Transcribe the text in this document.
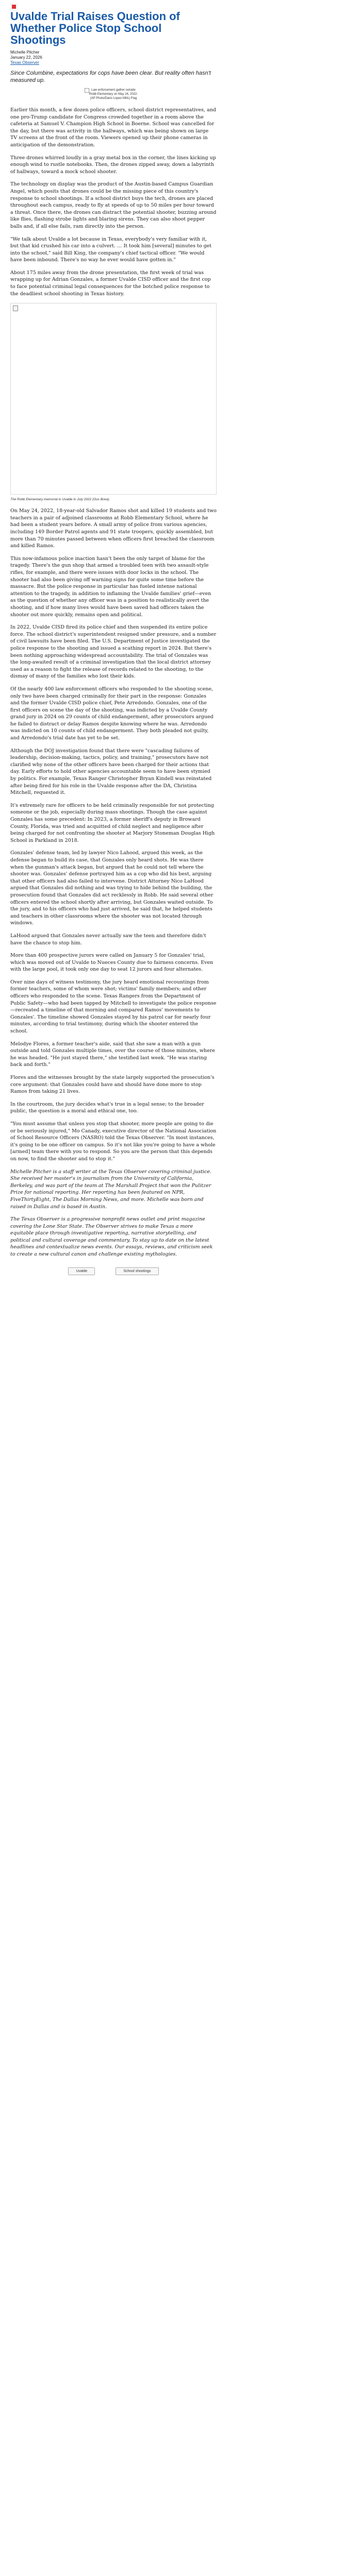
Uvalde Trial Raises Question of Whether Police Stop School Shootings
Michelle Pitcher
January 22, 2026
Texas Observer

Since Columbine, expectations for cops have been clear. But reality often hasn't measured up.

Law enforcement gather outside Robb Elementary on May 24, 2022. (AP Photo/Dario Lopez-Mills) Flag

Earlier this month, a few dozen police officers, school district representatives, and one pro-Trump candidate for Congress crowded together in a room above the cafeteria at Samuel V. Champion High School in Boerne. School was cancelled for the day, but there was activity in the hallways, which was being shown on large TV screens at the front of the room. Viewers opened up their phone cameras in anticipation of the demonstration.

Three drones whirred loudly in a gray metal box in the corner, the lines kicking up enough wind to rustle notebooks. Then, the drones zipped away, down a labyrinth of hallways, toward a mock school shooter.

The technology on display was the product of the Austin-based Campus Guardian Angel, which posits that drones could be the missing piece of this country's response to school shootings. If a school district buys the tech, drones are placed throughout each campus, ready to fly at speeds of up to 50 miles per hour toward a threat. Once there, the drones can distract the potential shooter, buzzing around like flies, flashing strobe lights and blaring sirens. They can also shoot pepper balls and, if all else fails, ram directly into the person.

"We talk about Uvalde a lot because in Texas, everybody's very familiar with it, but that kid crushed his car into a culvert. … It took him [several] minutes to get into the school," said Bill King, the company's chief tactical officer. "We would have been inbound. There's no way he ever would have gotten in."

About 175 miles away from the drone presentation, the first week of trial was wrapping up for Adrian Gonzales, a former Uvalde CISD officer and the first cop to face potential criminal legal consequences for the botched police response to the deadliest school shooting in Texas history.

The Robb Elementary memorial in Uvalde in July 2022 (Gus Bova)

On May 24, 2022, 18-year-old Salvador Ramos shot and killed 19 students and two teachers in a pair of adjoined classrooms at Robb Elementary School, where he had been a student years before. A small army of police from various agencies, including 149 Border Patrol agents and 91 state troopers, quickly assembled, but more than 70 minutes passed between when officers first breached the classroom and killed Ramos.

This now-infamous police inaction hasn't been the only target of blame for the tragedy. There's the gun shop that armed a troubled teen with two assault-style rifles, for example, and there were issues with door locks in the school. The shooter had also been giving off warning signs for quite some time before the massacre. But the police response in particular has fueled intense national attention to the tragedy, in addition to inflaming the Uvalde families' grief—even as the question of whether any officer was in a position to realistically avert the shooting, and if how many lives would have been saved had officers taken the shooter out more quickly, remains open and political.

In 2022, Uvalde CISD fired its police chief and then suspended its entire police force. The school district's superintendent resigned under pressure, and a number of civil lawsuits have been filed. The U.S. Department of Justice investigated the police response to the shooting and issued a scathing report in 2024. But there's been nothing approaching widespread accountability. The trial of Gonzales was the long-awaited result of a criminal investigation that the local district attorney used as a reason to fight the release of records related to the shooting, to the dismay of many of the families who lost their kids.

Of the nearly 400 law enforcement officers who responded to the shooting scene, only two have been charged criminally for their part in the response: Gonzales and the former Uvalde CISD police chief, Pete Arredondo. Gonzales, one of the first officers on scene the day of the shooting, was indicted by a Uvalde County grand jury in 2024 on 29 counts of child endangerment, after prosecutors argued he failed to distract or delay Ramos despite knowing where he was. Arredondo was indicted on 10 counts of child endangerment. They both pleaded not guilty, and Arredondo's trial date has yet to be set.

Although the DOJ investigation found that there were "cascading failures of leadership, decision-making, tactics, policy, and training," prosecutors have not clarified why none of the other officers have been charged for their actions that day. Early efforts to hold other agencies accountable seem to have been stymied by politics. For example, Texas Ranger Christopher Bryan Kindell was reinstated after being fired for his role in the Uvalde response after the DA, Christina Mitchell, requested it.

It's extremely rare for officers to be held criminally responsible for not protecting someone or the job, especially during mass shootings. Though the case against Gonzales has some precedent: In 2023, a former sheriff's deputy in Broward County, Florida, was tried and acquitted of child neglect and negligence after being charged for not confronting the shooter at Marjory Stoneman Douglas High School in Parkland in 2018.

Gonzales' defense team, led by lawyer Nico Lahood, argued this week, as the defense began to build its case, that Gonzales only heard shots. He was there when the gunman's attack began, but argued that he could not tell where the shooter was. Gonzales' defense portrayed him as a cop who did his best, arguing that other officers had also failed to intervene. District Attorney Nico LaHood argued that Gonzales did nothing and was trying to hide behind the building, the prosecution found that Gonzales did act recklessly in Robb. He said several other officers entered the school shortly after arriving, but Gonzales waited outside. To the jury, and to his officers who had just arrived, he said that, he helped students and teachers in other classrooms where the shooter was not located through windows.

LaHood argued that Gonzales never actually saw the teen and therefore didn't have the chance to stop him.

More than 400 prospective jurors were called on January 5 for Gonzales' trial, which was moved out of Uvalde to Nueces County due to fairness concerns. Even with the large pool, it took only one day to seat 12 jurors and four alternates.

Over nine days of witness testimony, the jury heard emotional recountings from former teachers, some of whom were shot; victims' family members; and other officers who responded to the scene. Texas Rangers from the Department of Public Safety—who had been tapped by Mitchell to investigate the police response—recreated a timeline of that morning and compared Ramos' movements to Gonzales'. The timeline showed Gonzales stayed by his patrol car for nearly four minutes, according to trial testimony, during which the shooter entered the school.

Melodye Flores, a former teacher's aide, said that she saw a man with a gun outside and told Gonzales multiple times, over the course of those minutes, where he was headed. "He just stayed there," she testified last week. "He was staring back and forth."

Flores and the witnesses brought by the state largely supported the prosecution's core argument: that Gonzales could have and should have done more to stop Ramos from taking 21 lives.

In the courtroom, the jury decides what's true in a legal sense; to the broader public, the question is a moral and ethical one, too.

"You must assume that unless you stop that shooter, more people are going to die or be seriously injured," Mo Canady, executive director of the National Association of School Resource Officers (NASRO) told the Texas Observer. "In most instances, it's going to be one officer on campus. So it's not like you're going to have a whole [armed] team there with you to respond. So you are the person that this depends on now, to find the shooter and to stop it."

Michelle Pitcher is a staff writer at the Texas Observer covering criminal justice. She received her master's in journalism from the University of California, Berkeley, and was part of the team at The Marshall Project that won the Pulitzer Prize for national reporting. Her reporting has been featured on NPR, FiveThirtyEight, The Dallas Morning News, and more. Michelle was born and raised in Dallas and is based in Austin.

The Texas Observer is a progressive nonprofit news outlet and print magazine covering the Lone Star State. The Observer strives to make Texas a more equitable place through investigative reporting, narrative storytelling, and political and cultural coverage and commentary. To stay up to date on the latest headlines and contextualize news events. Our essays, reviews, and criticism seek to create a new cultural canon and challenge existing mythologies.

Uvalde	School shootings
